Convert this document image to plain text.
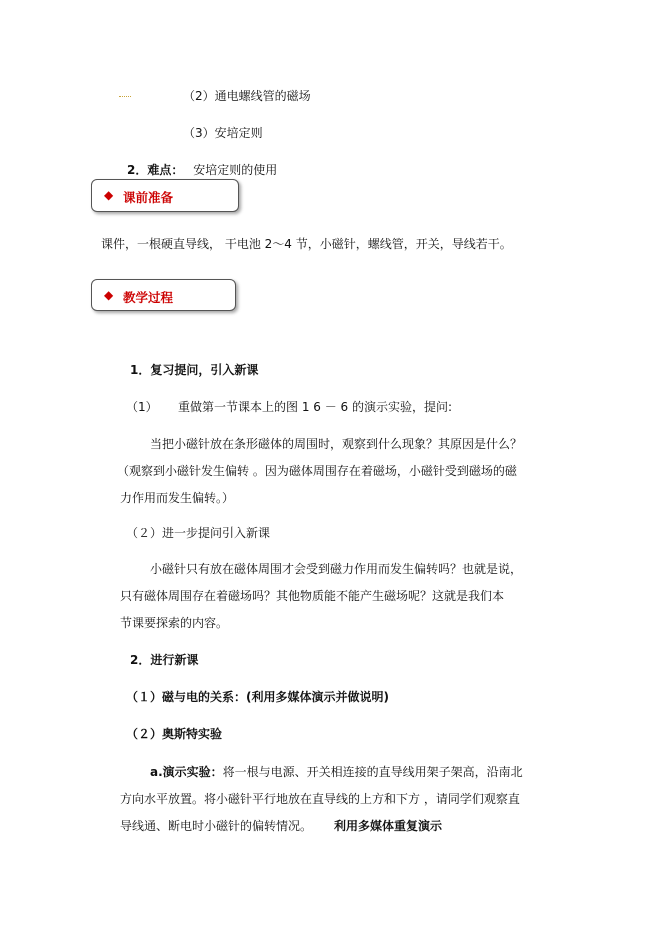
（2）通电螺线管的磁场
（3）安培定则
2．难点： 安培定则的使用
◆ 课前准备
课件，一根硬直导线， 干电池 2～4 节，小磁针，螺线管，开关，导线若干。
◆ 教学过程
1．复习提问，引入新课
（1） 重做第一节课本上的图 1 6 － 6 的演示实验，提问:
当把小磁针放在条形磁体的周围时，观察到什么现象？其原因是什么？
（观察到小磁针发生偏转 。因为磁体周围存在着磁场，小磁针受到磁场的磁
力作用而发生偏转。）
（２）进一步提问引入新课
小磁针只有放在磁体周围才会受到磁力作用而发生偏转吗？也就是说，
只有磁体周围存在着磁场吗？其他物质能不能产生磁场呢？这就是我们本
节课要探索的内容。
2．进行新课
（１）磁与电的关系：(利用多媒体演示并做说明)
（２）奥斯特实验
a.演示实验：将一根与电源、开关相连接的直导线用架子架高，沿南北
方向水平放置。将小磁针平行地放在直导线的上方和下方 ，请同学们观察直
导线通、断电时小磁针的偏转情况。 利用多媒体重复演示
